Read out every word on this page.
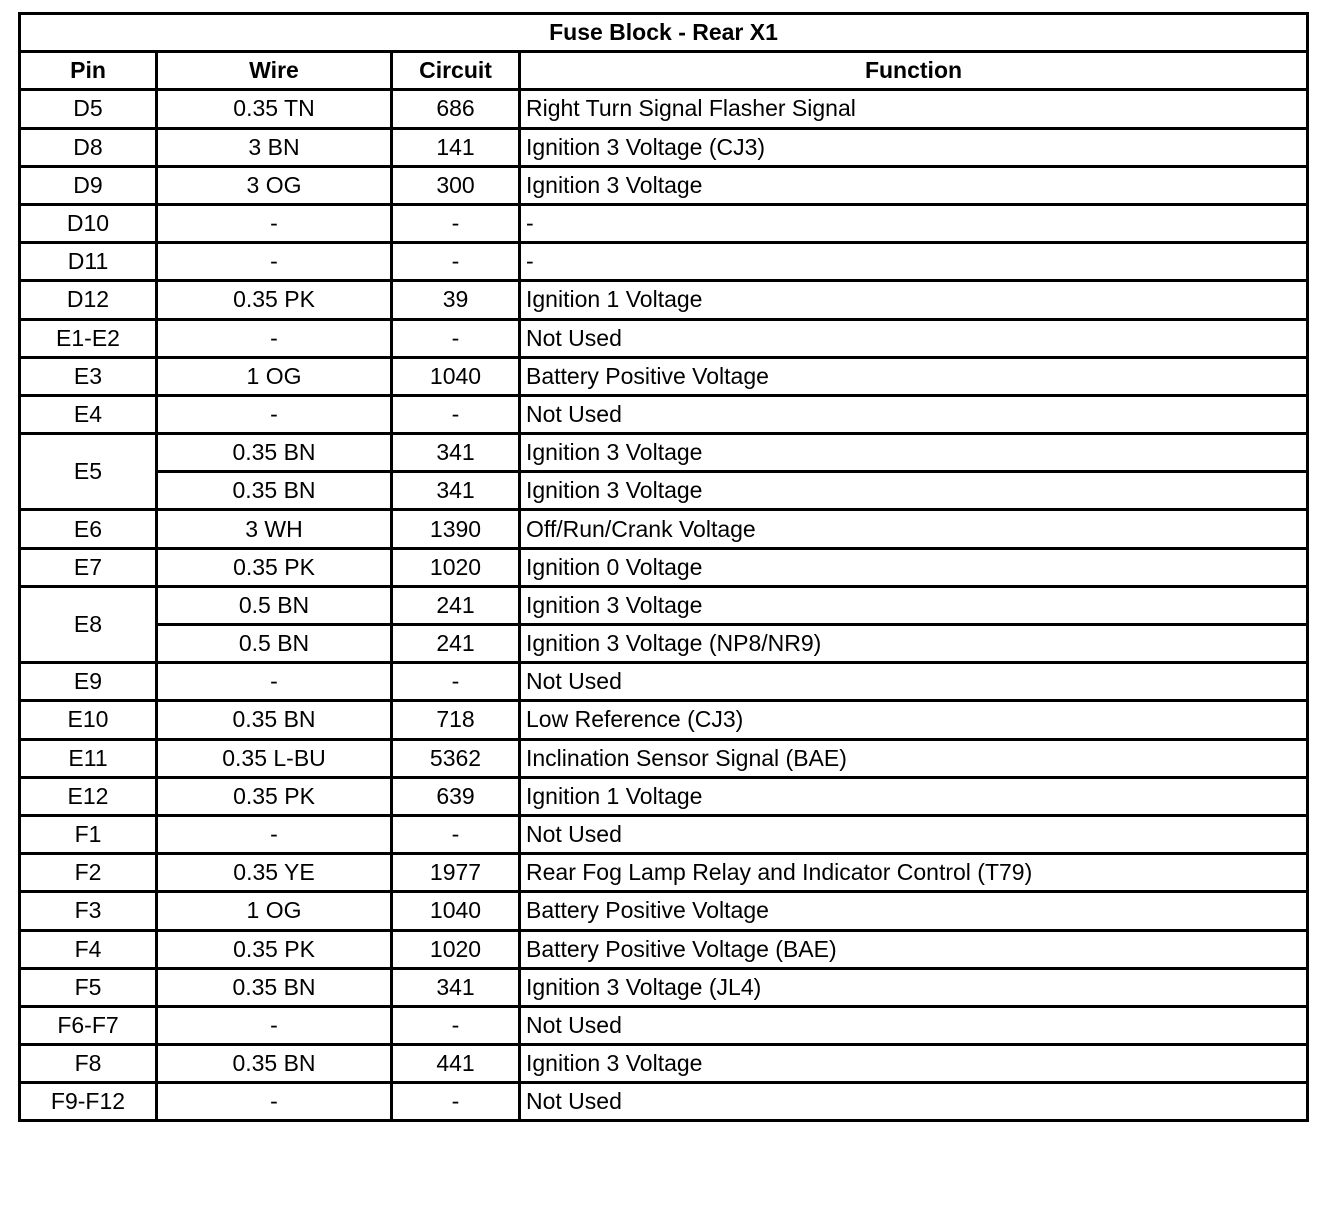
Fuse Block - Rear X1			
Pin	Wire	Circuit	Function
D5	0.35 TN	686	Right Turn Signal Flasher Signal
D8	3 BN	141	Ignition 3 Voltage (CJ3)
D9	3 OG	300	Ignition 3 Voltage
D10	-	-	-
D11	-	-	-
D12	0.35 PK	39	Ignition 1 Voltage
E1-E2	-	-	Not Used
E3	1 OG	1040	Battery Positive Voltage
E4	-	-	Not Used
E5	0.35 BN	341	Ignition 3 Voltage
	0.35 BN	341	Ignition 3 Voltage
E6	3 WH	1390	Off/Run/Crank Voltage
E7	0.35 PK	1020	Ignition 0 Voltage
E8	0.5 BN	241	Ignition 3 Voltage
	0.5 BN	241	Ignition 3 Voltage (NP8/NR9)
E9	-	-	Not Used
E10	0.35 BN	718	Low Reference (CJ3)
E11	0.35 L-BU	5362	Inclination Sensor Signal (BAE)
E12	0.35 PK	639	Ignition 1 Voltage
F1	-	-	Not Used
F2	0.35 YE	1977	Rear Fog Lamp Relay and Indicator Control (T79)
F3	1 OG	1040	Battery Positive Voltage
F4	0.35 PK	1020	Battery Positive Voltage (BAE)
F5	0.35 BN	341	Ignition 3 Voltage (JL4)
F6-F7	-	-	Not Used
F8	0.35 BN	441	Ignition 3 Voltage
F9-F12	-	-	Not Used
